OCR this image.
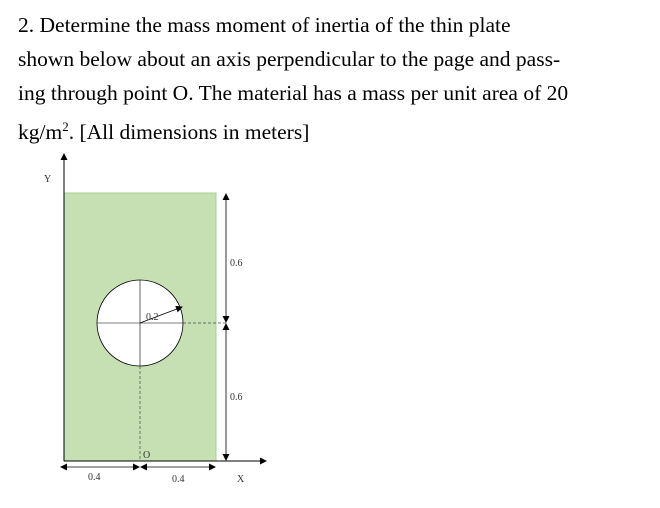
2. Determine the mass moment of inertia of the thin plate
shown below about an axis perpendicular to the page and pass-
ing through point O. The material has a mass per unit area of 20
$kg/m^2$. [All dimensions in meters]
0.2
Y
X
O
0.4	0.4
0.6
0.6
